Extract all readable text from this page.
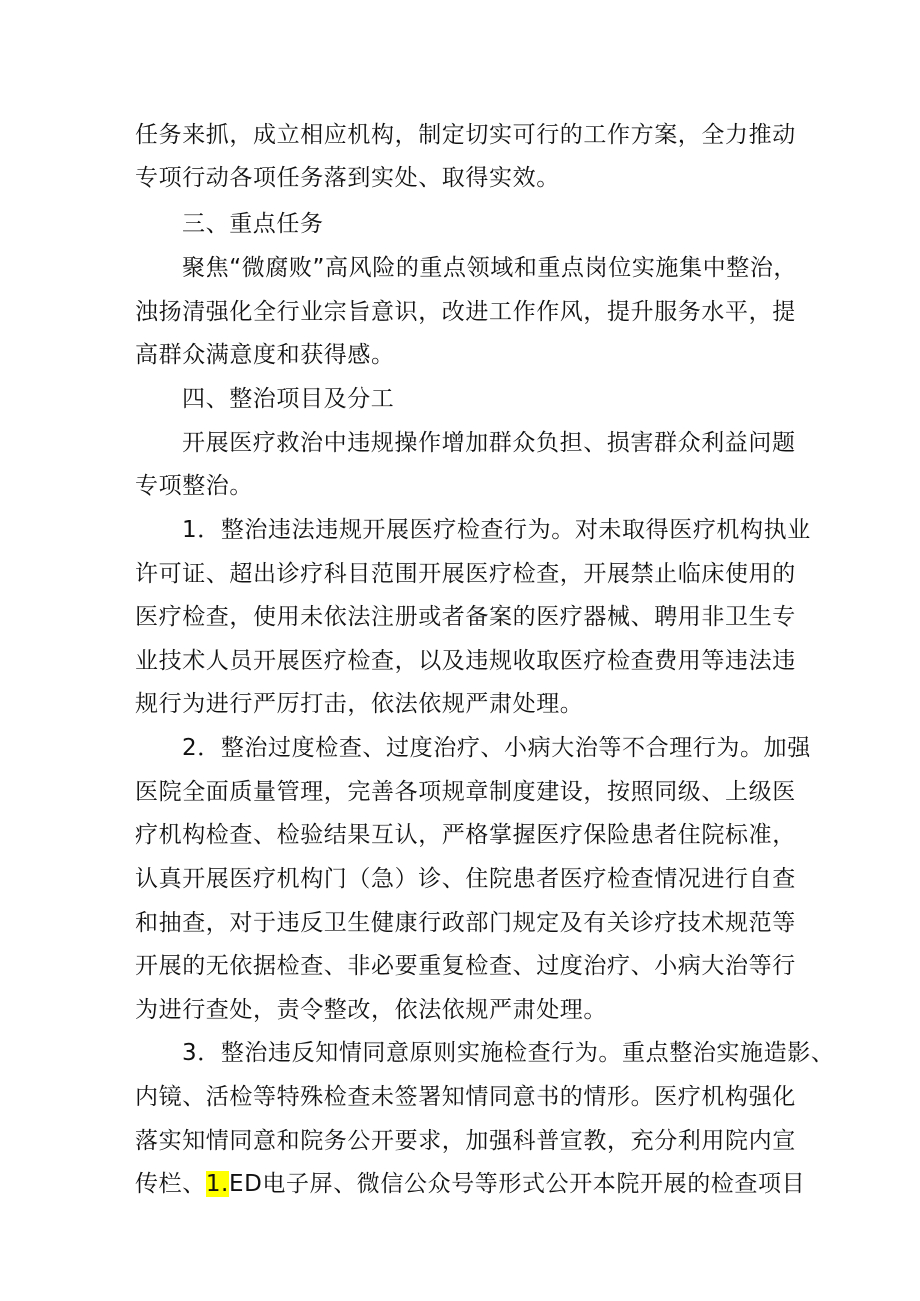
任务来抓，成立相应机构，制定切实可行的工作方案，全力推动
专项行动各项任务落到实处、取得实效。
三、重点任务
聚焦“微腐败”高风险的重点领域和重点岗位实施集中整治，
浊扬清强化全行业宗旨意识，改进工作作风，提升服务水平，提
高群众满意度和获得感。
四、整治项目及分工
开展医疗救治中违规操作增加群众负担、损害群众利益问题
专项整治。
1．整治违法违规开展医疗检查行为。对未取得医疗机构执业
许可证、超出诊疗科目范围开展医疗检查，开展禁止临床使用的
医疗检查，使用未依法注册或者备案的医疗器械、聘用非卫生专
业技术人员开展医疗检查，以及违规收取医疗检查费用等违法违
规行为进行严厉打击，依法依规严肃处理。
2．整治过度检查、过度治疗、小病大治等不合理行为。加强
医院全面质量管理，完善各项规章制度建设，按照同级、上级医
疗机构检查、检验结果互认，严格掌握医疗保险患者住院标准，
认真开展医疗机构门（急）诊、住院患者医疗检查情况进行自查
和抽查，对于违反卫生健康行政部门规定及有关诊疗技术规范等
开展的无依据检查、非必要重复检查、过度治疗、小病大治等行
为进行查处，责令整改，依法依规严肃处理。
3．整治违反知情同意原则实施检查行为。重点整治实施造影、
内镜、活检等特殊检查未签署知情同意书的情形。医疗机构强化
落实知情同意和院务公开要求，加强科普宣教，充分利用院内宣
传栏、1.ED电子屏、微信公众号等形式公开本院开展的检查项目
